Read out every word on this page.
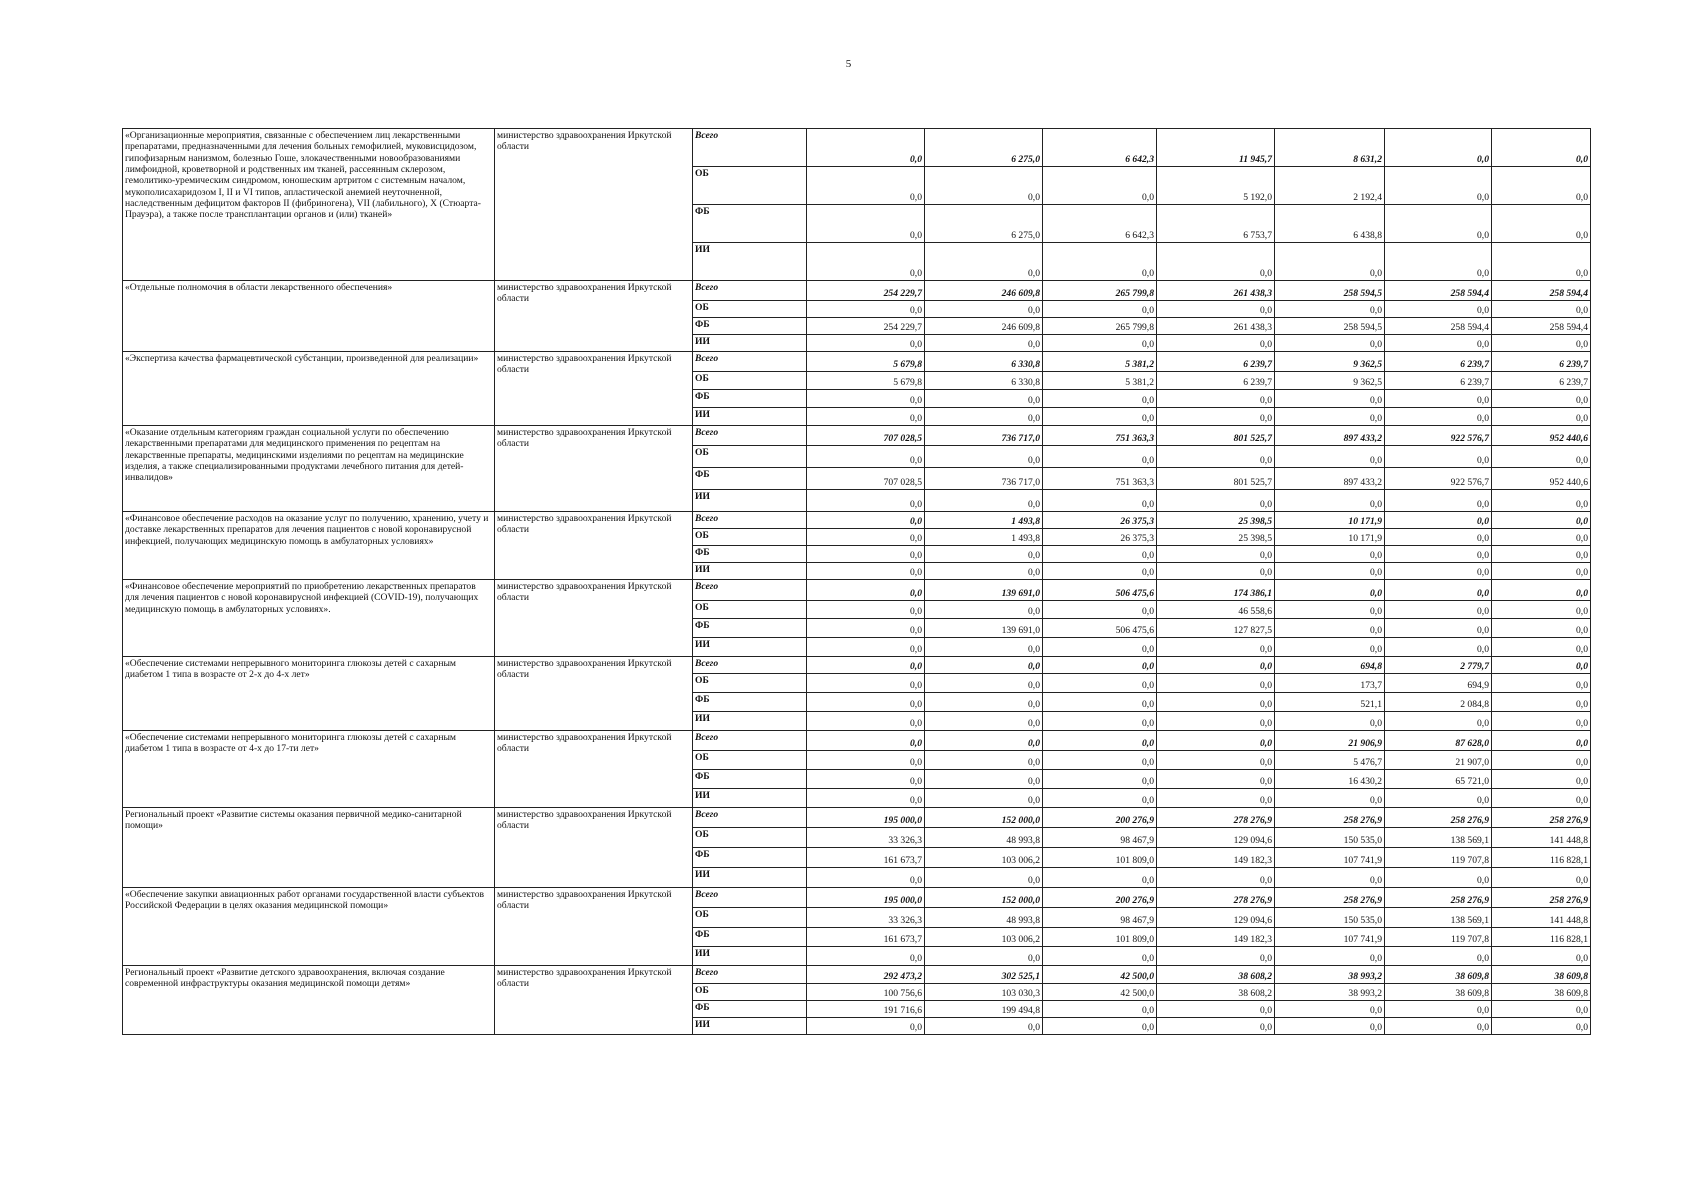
5
«Организационные мероприятия, связанные с обеспечением лиц лекарственными препаратами, предназначенными для лечения больных гемофилией, муковисцидозом, гипофизарным нанизмом, болезнью Гоше, злокачественными новообразованиями лимфоидной, кроветворной и родственных им тканей, рассеянным склерозом, гемолитико-уремическим синдромом, юношеским артритом с системным началом, мукополисахаридозом I, II и VI типов, апластической анемией неуточненной, наследственным дефицитом факторов II (фибриногена), VII (лабильного), X (Стюарта-Прауэра), а также после трансплантации органов и (или) тканей»	министерство здравоохранения Иркутской области	Всего	0,0	6 275,0	6 642,3	11 945,7	8 631,2	0,0	0,0
		ОБ	0,0	0,0	0,0	5 192,0	2 192,4	0,0	0,0
		ФБ	0,0	6 275,0	6 642,3	6 753,7	6 438,8	0,0	0,0
		ИИ	0,0	0,0	0,0	0,0	0,0	0,0	0,0
«Отдельные полномочия в области лекарственного обеспечения»	министерство здравоохранения Иркутской области	Всего	254 229,7	246 609,8	265 799,8	261 438,3	258 594,5	258 594,4	258 594,4
		ОБ	0,0	0,0	0,0	0,0	0,0	0,0	0,0
		ФБ	254 229,7	246 609,8	265 799,8	261 438,3	258 594,5	258 594,4	258 594,4
		ИИ	0,0	0,0	0,0	0,0	0,0	0,0	0,0
«Экспертиза качества фармацевтической субстанции, произведенной для реализации»	министерство здравоохранения Иркутской области	Всего	5 679,8	6 330,8	5 381,2	6 239,7	9 362,5	6 239,7	6 239,7
		ОБ	5 679,8	6 330,8	5 381,2	6 239,7	9 362,5	6 239,7	6 239,7
		ФБ	0,0	0,0	0,0	0,0	0,0	0,0	0,0
		ИИ	0,0	0,0	0,0	0,0	0,0	0,0	0,0
«Оказание отдельным категориям граждан социальной услуги по обеспечению лекарственными препаратами для медицинского применения по рецептам на лекарственные препараты, медицинскими изделиями по рецептам на медицинские изделия, а также специализированными продуктами лечебного питания для детей-инвалидов»	министерство здравоохранения Иркутской области	Всего	707 028,5	736 717,0	751 363,3	801 525,7	897 433,2	922 576,7	952 440,6
		ОБ	0,0	0,0	0,0	0,0	0,0	0,0	0,0
		ФБ	707 028,5	736 717,0	751 363,3	801 525,7	897 433,2	922 576,7	952 440,6
		ИИ	0,0	0,0	0,0	0,0	0,0	0,0	0,0
«Финансовое обеспечение расходов на оказание услуг по получению, хранению, учету и доставке лекарственных препаратов для лечения пациентов с новой коронавирусной инфекцией, получающих медицинскую помощь в амбулаторных условиях»	министерство здравоохранения Иркутской области	Всего	0,0	1 493,8	26 375,3	25 398,5	10 171,9	0,0	0,0
		ОБ	0,0	1 493,8	26 375,3	25 398,5	10 171,9	0,0	0,0
		ФБ	0,0	0,0	0,0	0,0	0,0	0,0	0,0
		ИИ	0,0	0,0	0,0	0,0	0,0	0,0	0,0
«Финансовое обеспечение мероприятий по приобретению лекарственных препаратов для лечения пациентов с новой коронавирусной инфекцией (COVID-19), получающих медицинскую помощь в амбулаторных условиях».	министерство здравоохранения Иркутской области	Всего	0,0	139 691,0	506 475,6	174 386,1	0,0	0,0	0,0
		ОБ	0,0	0,0	0,0	46 558,6	0,0	0,0	0,0
		ФБ	0,0	139 691,0	506 475,6	127 827,5	0,0	0,0	0,0
		ИИ	0,0	0,0	0,0	0,0	0,0	0,0	0,0
«Обеспечение системами непрерывного мониторинга глюкозы детей с сахарным диабетом 1 типа в возрасте от 2-х до 4-х лет»	министерство здравоохранения Иркутской области	Всего	0,0	0,0	0,0	0,0	694,8	2 779,7	0,0
		ОБ	0,0	0,0	0,0	0,0	173,7	694,9	0,0
		ФБ	0,0	0,0	0,0	0,0	521,1	2 084,8	0,0
		ИИ	0,0	0,0	0,0	0,0	0,0	0,0	0,0
«Обеспечение системами непрерывного мониторинга глюкозы детей с сахарным диабетом 1 типа в возрасте от 4-х до 17-ти лет»	министерство здравоохранения Иркутской области	Всего	0,0	0,0	0,0	0,0	21 906,9	87 628,0	0,0
		ОБ	0,0	0,0	0,0	0,0	5 476,7	21 907,0	0,0
		ФБ	0,0	0,0	0,0	0,0	16 430,2	65 721,0	0,0
		ИИ	0,0	0,0	0,0	0,0	0,0	0,0	0,0
Региональный проект «Развитие системы оказания первичной медико-санитарной помощи»	министерство здравоохранения Иркутской области	Всего	195 000,0	152 000,0	200 276,9	278 276,9	258 276,9	258 276,9	258 276,9
		ОБ	33 326,3	48 993,8	98 467,9	129 094,6	150 535,0	138 569,1	141 448,8
		ФБ	161 673,7	103 006,2	101 809,0	149 182,3	107 741,9	119 707,8	116 828,1
		ИИ	0,0	0,0	0,0	0,0	0,0	0,0	0,0
«Обеспечение закупки авиационных работ органами государственной власти субъектов Российской Федерации в целях оказания медицинской помощи»	министерство здравоохранения Иркутской области	Всего	195 000,0	152 000,0	200 276,9	278 276,9	258 276,9	258 276,9	258 276,9
		ОБ	33 326,3	48 993,8	98 467,9	129 094,6	150 535,0	138 569,1	141 448,8
		ФБ	161 673,7	103 006,2	101 809,0	149 182,3	107 741,9	119 707,8	116 828,1
		ИИ	0,0	0,0	0,0	0,0	0,0	0,0	0,0
Региональный проект «Развитие детского здравоохранения, включая создание современной инфраструктуры оказания медицинской помощи детям»	министерство здравоохранения Иркутской области	Всего	292 473,2	302 525,1	42 500,0	38 608,2	38 993,2	38 609,8	38 609,8
		ОБ	100 756,6	103 030,3	42 500,0	38 608,2	38 993,2	38 609,8	38 609,8
		ФБ	191 716,6	199 494,8	0,0	0,0	0,0	0,0	0,0
		ИИ	0,0	0,0	0,0	0,0	0,0	0,0	0,0
